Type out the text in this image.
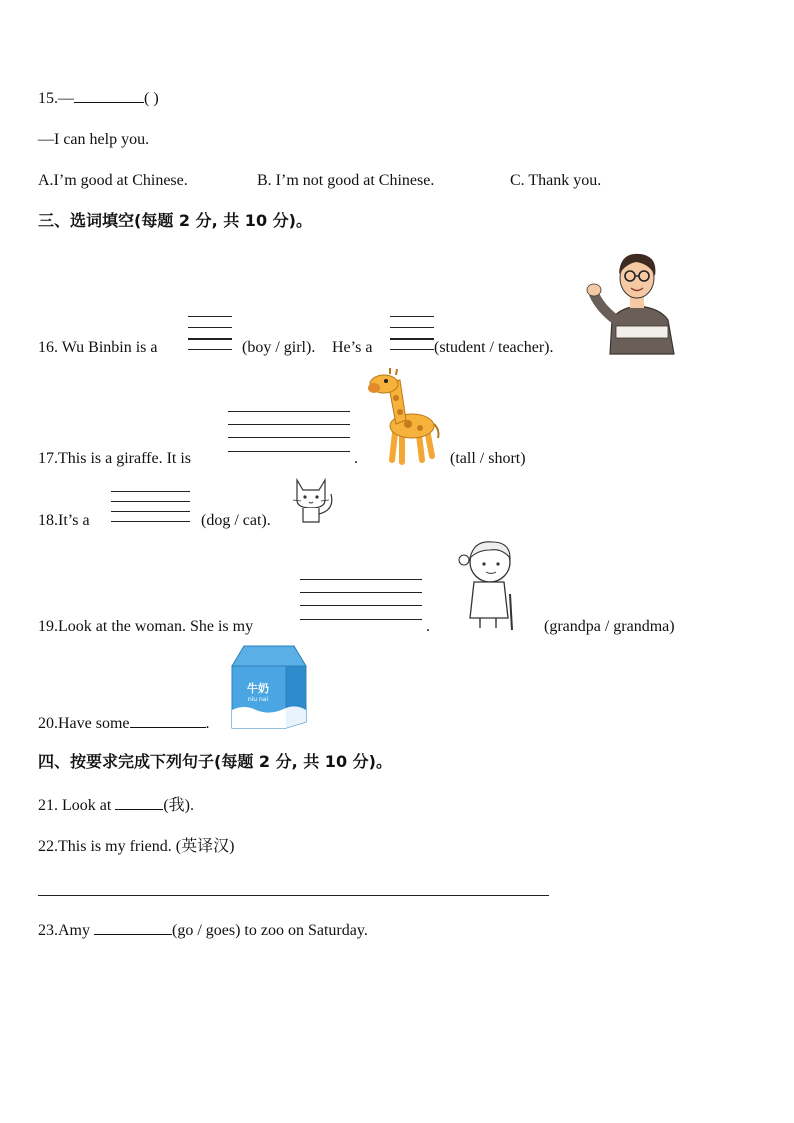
15.—	( )
—I can help you.
A.I’m good at Chinese.	B. I’m not good at Chinese.	C. Thank you.
三、选词填空(每题 2 分, 共 10 分)。
16. Wu Binbin is a	(boy / girl). He’s a	(student / teacher).
17.This is a giraffe. It is	.	(tall / short)
18.It’s a	(dog / cat).
19.Look at the woman. She is my	.	(grandpa / grandma)
20.Have some	.
牛奶
niu nai
四、按要求完成下列句子(每题 2 分, 共 10 分)。
21. Look at	(我).
22.This is my friend. (英译汉)
23.Amy	(go / goes) to zoo on Saturday.
